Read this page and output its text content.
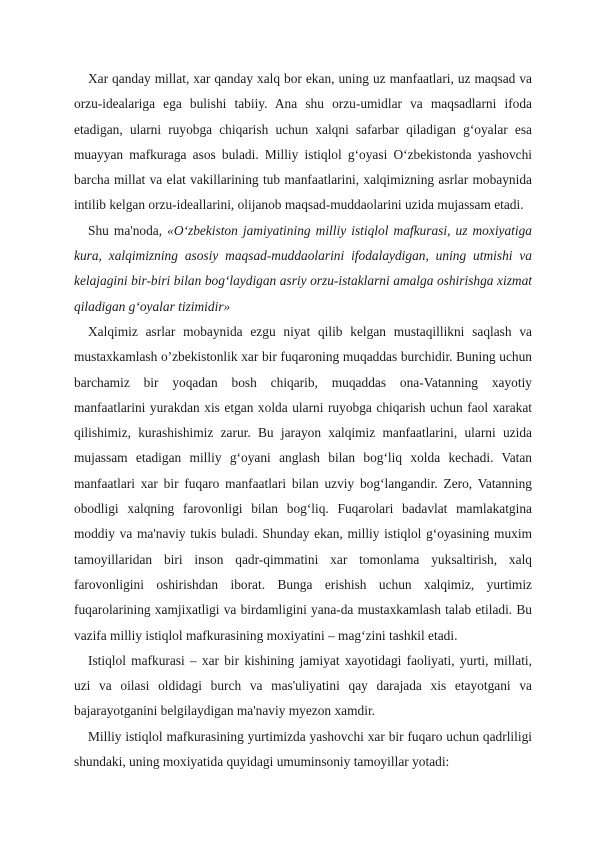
Xar qanday millat, xar qanday xalq bor ekan, uning uz manfaatlari, uz maqsad va orzu-idealariga ega bulishi tabiiy. Ana shu orzu-umidlar va maqsadlarni ifoda etadigan, ularni ruyobga chiqarish uchun xalqni safarbar qiladigan g‘oyalar esa muayyan mafkuraga asos buladi. Milliy istiqlol g‘oyasi O‘zbekistonda yashovchi barcha millat va elat vakillarining tub manfaatlarini, xalqimizning asrlar mobaynida intilib kelgan orzu-ideallarini, olijanob maqsad-muddaolarini uzida mujassam etadi.

Shu ma'noda, «O‘zbekiston jamiyatining milliy istiqlol mafkurasi, uz moxiyatiga kura, xalqimizning asosiy maqsad-muddaolarini ifodalaydigan, uning utmishi va kelajagini bir-biri bilan bog‘laydigan asriy orzu-istaklarni amalga oshirishga xizmat qiladigan g‘oyalar tizimidir»

Xalqimiz asrlar mobaynida ezgu niyat qilib kelgan mustaqillikni saqlash va mustaxkamlash o’zbekistonlik xar bir fuqaroning muqaddas burchidir. Buning uchun barchamiz bir yoqadan bosh chiqarib, muqaddas ona-Vatanning xayotiy manfaatlarini yurakdan xis etgan xolda ularni ruyobga chiqarish uchun faol xarakat qilishimiz, kurashishimiz zarur. Bu jarayon xalqimiz manfaatlarini, ularni uzida mujassam etadigan milliy g‘oyani anglash bilan bog‘liq xolda kechadi. Vatan manfaatlari xar bir fuqaro manfaatlari bilan uzviy bog‘langandir. Zero, Vatanning obodligi xalqning farovonligi bilan bog‘liq. Fuqarolari badavlat mamlakatgina moddiy va ma'naviy tukis buladi. Shunday ekan, milliy istiqlol g‘oyasining muxim tamoyillaridan biri inson qadr-qimmatini xar tomonlama yuksaltirish, xalq farovonligini oshirishdan iborat. Bunga erishish uchun xalqimiz, yurtimiz fuqarolarining xamjixatligi va birdamligini yana-da mustaxkamlash talab etiladi. Bu vazifa milliy istiqlol mafkurasining moxiyatini – mag‘zini tashkil etadi.

Istiqlol mafkurasi – xar bir kishining jamiyat xayotidagi faoliyati, yurti, millati, uzi va oilasi oldidagi burch va mas'uliyatini qay darajada xis etayotgani va bajarayotganini belgilaydigan ma'naviy myezon xamdir.

Milliy istiqlol mafkurasining yurtimizda yashovchi xar bir fuqaro uchun qadrliligi shundaki, uning moxiyatida quyidagi umuminsoniy tamoyillar yotadi:
